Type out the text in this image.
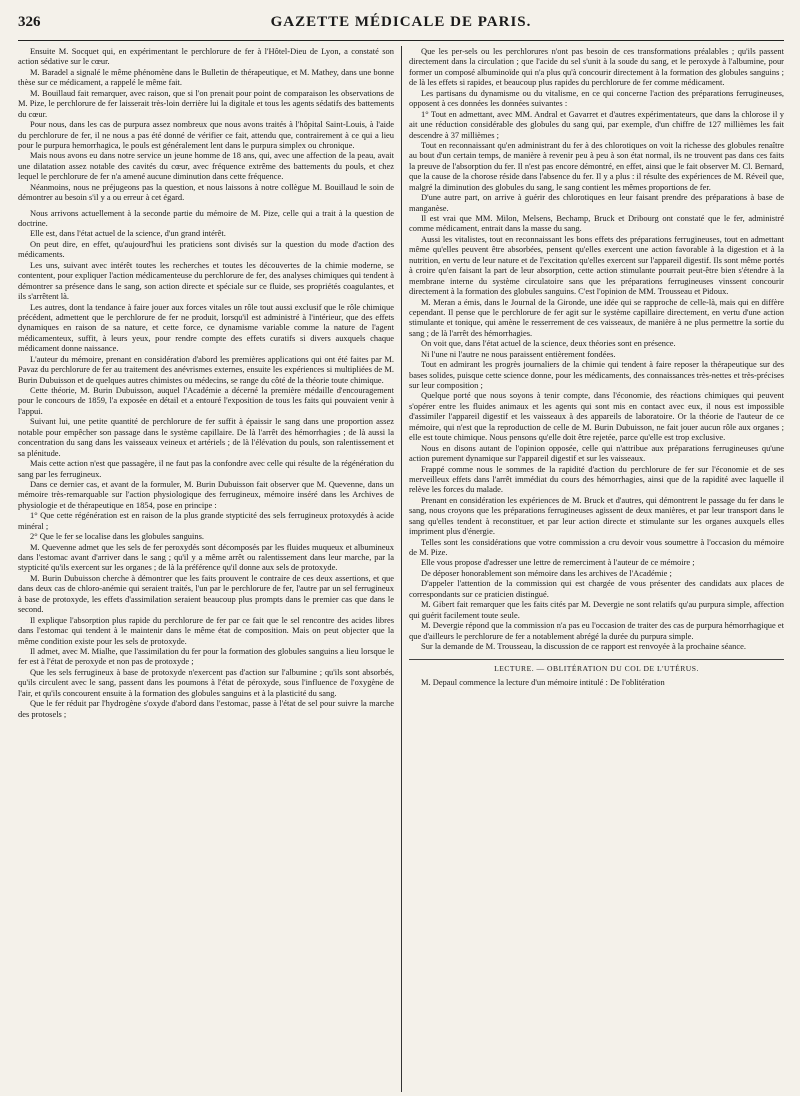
326	GAZETTE MÉDICALE DE PARIS.

Ensuite M. Socquet qui, en expérimentant le perchlorure de fer à l'Hôtel-Dieu de Lyon, a constaté son action sédative sur le cœur.

M. Baradel a signalé le même phénomène dans le Bulletin de thérapeutique, et M. Mathey, dans une bonne thèse sur ce médicament, a rappelé le même fait.

M. Bouillaud fait remarquer, avec raison, que si l'on prenait pour point de comparaison les observations de M. Pize, le perchlorure de fer laisserait très-loin derrière lui la digitale et tous les agents sédatifs des battements du cœur.

Pour nous, dans les cas de purpura assez nombreux que nous avons traités à l'hôpital Saint-Louis, à l'aide du perchlorure de fer, il ne nous a pas été donné de vérifier ce fait, attendu que, contrairement à ce qui a lieu pour le purpura hemorrhagica, le pouls est généralement lent dans le purpura simplex ou chronique.

Mais nous avons eu dans notre service un jeune homme de 18 ans, qui, avec une affection de la peau, avait une dilatation assez notable des cavités du cœur, avec fréquence extrême des battements du pouls, et chez lequel le perchlorure de fer n'a amené aucune diminution dans cette fréquence.

Néanmoins, nous ne préjugeons pas la question, et nous laissons à notre collègue M. Bouillaud le soin de démontrer au besoin s'il y a ou erreur à cet égard.

Nous arrivons actuellement à la seconde partie du mémoire de M. Pize, celle qui a trait à la question de doctrine.

Elle est, dans l'état actuel de la science, d'un grand intérêt.

On peut dire, en effet, qu'aujourd'hui les praticiens sont divisés sur la question du mode d'action des médicaments.

Les uns, suivant avec intérêt toutes les recherches et toutes les découvertes de la chimie moderne, se contentent, pour expliquer l'action médicamenteuse du perchlorure de fer, des analyses chimiques qui tendent à démontrer sa présence dans le sang, son action directe et spéciale sur ce fluide, ses propriétés coagulantes, et ils s'arrêtent là.

Les autres, dont la tendance à faire jouer aux forces vitales un rôle tout aussi exclusif que le rôle chimique précédent, admettent que le perchlorure de fer ne produit, lorsqu'il est administré à l'intérieur, que des effets dynamiques en raison de sa nature, et cette force, ce dynamisme variable comme la nature de l'agent médicamenteux, suffit, à leurs yeux, pour rendre compte des effets curatifs si divers auxquels chaque médicament donne naissance.

L'auteur du mémoire, prenant en considération d'abord les premières applications qui ont été faites par M. Pavaz du perchlorure de fer au traitement des anévrismes externes, ensuite les expériences si multipliées de M. Burin Dubuisson et de quelques autres chimistes ou médecins, se range du côté de la théorie toute chimique.

Cette théorie, M. Burin Dubuisson, auquel l'Académie a décerné la première médaille d'encouragement pour le concours de 1859, l'a exposée en détail et a entouré l'exposition de tous les faits qui pouvaient venir à l'appui.

Suivant lui, une petite quantité de perchlorure de fer suffit à épaissir le sang dans une proportion assez notable pour empêcher son passage dans le système capillaire. De là l'arrêt des hémorrhagies ; de là aussi la concentration du sang dans les vaisseaux veineux et artériels ; de là l'élévation du pouls, son ralentissement et sa plénitude.

Mais cette action n'est que passagère, il ne faut pas la confondre avec celle qui résulte de la régénération du sang par les ferrugineux.

Dans ce dernier cas, et avant de la formuler, M. Burin Dubuisson fait observer que M. Quevenne, dans un mémoire très-remarquable sur l'action physiologique des ferrugineux, mémoire inséré dans les Archives de physiologie et de thérapeutique en 1854, pose en principe :

1° Que cette régénération est en raison de la plus grande stypticité des sels ferrugineux protoxydés à acide minéral ;

2° Que le fer se localise dans les globules sanguins.

M. Quevenne admet que les sels de fer peroxydés sont décomposés par les fluides muqueux et albumineux dans l'estomac avant d'arriver dans le sang ; qu'il y a même arrêt ou ralentissement dans leur marche, par la stypticité qu'ils exercent sur les organes ; de là la préférence qu'il donne aux sels de protoxyde.

M. Burin Dubuisson cherche à démontrer que les faits prouvent le contraire de ces deux assertions, et que dans deux cas de chloro-anémie qui seraient traités, l'un par le perchlorure de fer, l'autre par un sel ferrugineux à base de protoxyde, les effets d'assimilation seraient beaucoup plus prompts dans le premier cas que dans le second.

Il explique l'absorption plus rapide du perchlorure de fer par ce fait que le sel rencontre des acides libres dans l'estomac qui tendent à le maintenir dans le même état de composition. Mais on peut objecter que la même condition existe pour les sels de protoxyde.

Il admet, avec M. Mialhe, que l'assimilation du fer pour la formation des globules sanguins a lieu lorsque le fer est à l'état de peroxyde et non pas de protoxyde ;

Que les sels ferrugineux à base de protoxyde n'exercent pas d'action sur l'albumine ; qu'ils sont absorbés, qu'ils circulent avec le sang, passent dans les poumons à l'état de péroxyde, sous l'influence de l'oxygène de l'air, et qu'ils concourent ensuite à la formation des globules sanguins et à la plasticité du sang.

Que le fer réduit par l'hydrogène s'oxyde d'abord dans l'estomac, passe à l'état de sel pour suivre la marche des protosels ;

Que les per-sels ou les perchlorures n'ont pas besoin de ces transformations préalables ; qu'ils passent directement dans la circulation ; que l'acide du sel s'unit à la soude du sang, et le peroxyde à l'albumine, pour former un composé albuminoïde qui n'a plus qu'à concourir directement à la formation des globules sanguins ; de là les effets si rapides, et beaucoup plus rapides du perchlorure de fer comme médicament.

Les partisans du dynamisme ou du vitalisme, en ce qui concerne l'action des préparations ferrugineuses, opposent à ces données les données suivantes :

1° Tout en admettant, avec MM. Andral et Gavarret et d'autres expérimentateurs, que dans la chlorose il y ait une réduction considérable des globules du sang qui, par exemple, d'un chiffre de 127 millièmes les fait descendre à 37 millièmes ;

Tout en reconnaissant qu'en administrant du fer à des chlorotiques on voit la richesse des globules renaître au bout d'un certain temps, de manière à revenir peu à peu à son état normal, ils ne trouvent pas dans ces faits la preuve de l'absorption du fer. Il n'est pas encore démontré, en effet, ainsi que le fait observer M. Cl. Bernard, que la cause de la chorose réside dans l'absence du fer. Il y a plus : il résulte des expériences de M. Réveil que, malgré la diminution des globules du sang, le sang contient les mêmes proportions de fer.

D'une autre part, on arrive à guérir des chlorotiques en leur faisant prendre des préparations à base de manganèse.

Il est vrai que MM. Milon, Melsens, Bechamp, Bruck et Dribourg ont constaté que le fer, administré comme médicament, entrait dans la masse du sang.

Aussi les vitalistes, tout en reconnaissant les bons effets des préparations ferrugineuses, tout en admettant même qu'elles peuvent être absorbées, pensent qu'elles exercent une action favorable à la digestion et à la nutrition, en vertu de leur nature et de l'excitation qu'elles exercent sur l'appareil digestif. Ils sont même portés à croire qu'en faisant la part de leur absorption, cette action stimulante pourrait peut-être bien s'étendre à la membrane interne du système circulatoire sans que les préparations ferrugineuses vinssent concourir directement à la formation des globules sanguins. C'est l'opinion de MM. Trousseau et Pidoux.

M. Meran a émis, dans le Journal de la Gironde, une idée qui se rapproche de celle-là, mais qui en diffère cependant. Il pense que le perchlorure de fer agit sur le système capillaire directement, en vertu d'une action stimulante et tonique, qui amène le resserrement de ces vaisseaux, de manière à ne plus permettre la sortie du sang ; de là l'arrêt des hémorrhagies.

On voit que, dans l'état actuel de la science, deux théories sont en présence.

Ni l'une ni l'autre ne nous paraissent entièrement fondées.

Tout en admirant les progrès journaliers de la chimie qui tendent à faire reposer la thérapeutique sur des bases solides, puisque cette science donne, pour les médicaments, des connaissances très-nettes et très-précises sur leur composition ;

Quelque porté que nous soyons à tenir compte, dans l'économie, des réactions chimiques qui peuvent s'opérer entre les fluides animaux et les agents qui sont mis en contact avec eux, il nous est impossible d'assimiler l'appareil digestif et les vaisseaux à des appareils de laboratoire. Or la théorie de l'auteur de ce mémoire, qui n'est que la reproduction de celle de M. Burin Dubuisson, ne fait jouer aucun rôle aux organes ; elle est toute chimique. Nous pensons qu'elle doit être rejetée, parce qu'elle est trop exclusive.

Nous en disons autant de l'opinion opposée, celle qui n'attribue aux préparations ferrugineuses qu'une action purement dynamique sur l'appareil digestif et sur les vaisseaux.

Frappé comme nous le sommes de la rapidité d'action du perchlorure de fer sur l'économie et de ses merveilleux effets dans l'arrêt immédiat du cours des hémorrhagies, ainsi que de la rapidité avec laquelle il relève les forces du malade.

Prenant en considération les expériences de M. Bruck et d'autres, qui démontrent le passage du fer dans le sang, nous croyons que les préparations ferrugineuses agissent de deux manières, et par leur transport dans le sang qu'elles tendent à reconstituer, et par leur action directe et stimulante sur les organes auxquels elles impriment plus d'énergie.

Telles sont les considérations que votre commission a cru devoir vous soumettre à l'occasion du mémoire de M. Pize.

Elle vous propose d'adresser une lettre de remerciment à l'auteur de ce mémoire ;

De déposer honorablement son mémoire dans les archives de l'Académie ;

D'appeler l'attention de la commission qui est chargée de vous présenter des candidats aux places de correspondants sur ce praticien distingué.

M. Gibert fait remarquer que les faits cités par M. Devergie ne sont relatifs qu'au purpura simple, affection qui guérit facilement toute seule.

M. Devergie répond que la commission n'a pas eu l'occasion de traiter des cas de purpura hémorrhagique et que d'ailleurs le perchlorure de fer a notablement abrégé la durée du purpura simple.

Sur la demande de M. Trousseau, la discussion de ce rapport est renvoyée à la prochaine séance.

LECTURE. — OBLITÉRATION DU COL DE L'UTÉRUS.

M. Depaul commence la lecture d'un mémoire intitulé : De l'oblitération
